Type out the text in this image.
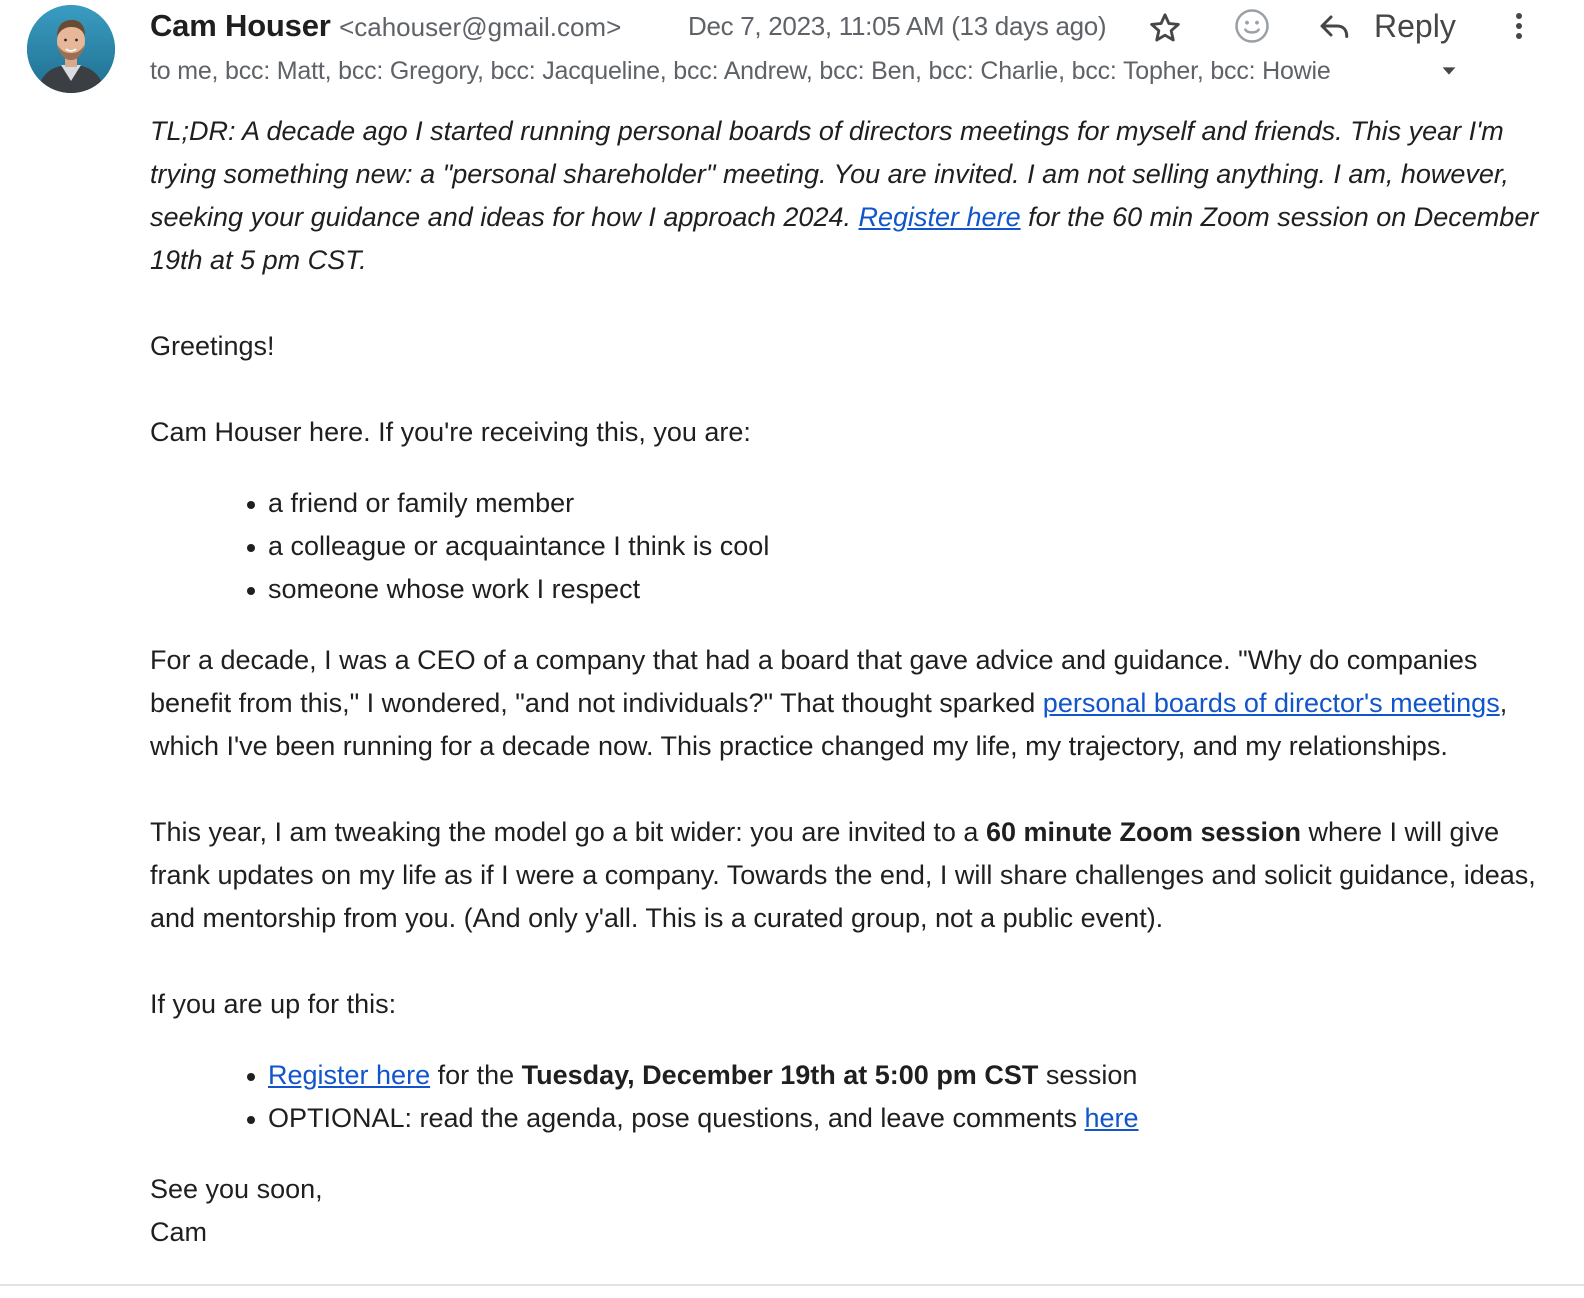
Cam Houser <cahouser@gmail.com>	Dec 7, 2023, 11:05 AM (13 days ago)	Reply
to me, bcc: Matt, bcc: Gregory, bcc: Jacqueline, bcc: Andrew, bcc: Ben, bcc: Charlie, bcc: Topher, bcc: Howie

TL;DR: A decade ago I started running personal boards of directors meetings for myself and friends. This year I'm trying something new: a "personal shareholder" meeting. You are invited. I am not selling anything. I am, however, seeking your guidance and ideas for how I approach 2024. Register here for the 60 min Zoom session on December 19th at 5 pm CST.

Greetings!

Cam Houser here. If you're receiving this, you are:

a friend or family member
a colleague or acquaintance I think is cool
someone whose work I respect

For a decade, I was a CEO of a company that had a board that gave advice and guidance. "Why do companies benefit from this," I wondered, "and not individuals?" That thought sparked personal boards of director's meetings, which I've been running for a decade now. This practice changed my life, my trajectory, and my relationships.

This year, I am tweaking the model go a bit wider: you are invited to a 60 minute Zoom session where I will give frank updates on my life as if I were a company. Towards the end, I will share challenges and solicit guidance, ideas, and mentorship from you. (And only y'all. This is a curated group, not a public event).

If you are up for this:

Register here for the Tuesday, December 19th at 5:00 pm CST session
OPTIONAL: read the agenda, pose questions, and leave comments here

See you soon,

Cam
